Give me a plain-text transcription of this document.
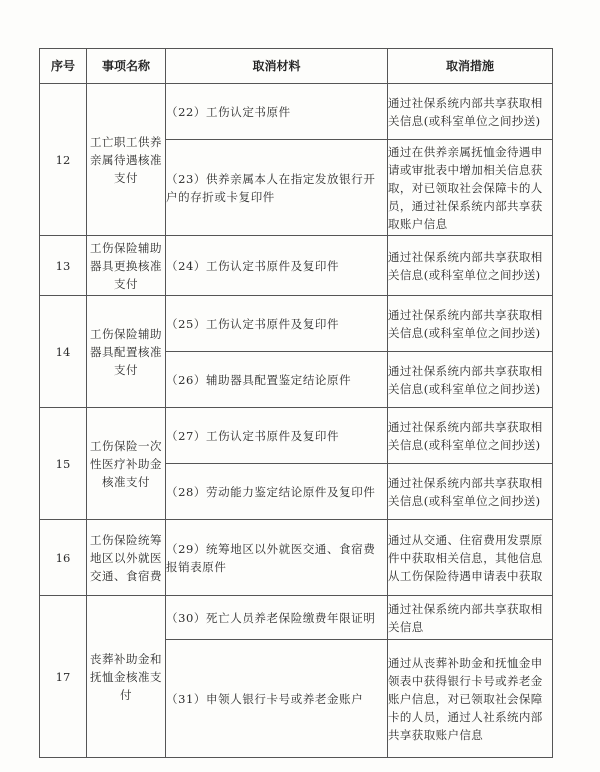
序号	事项名称	取消材料	取消措施
12	工亡职工供养亲属待遇核准支付	（22）工伤认定书原件	通过社保系统内部共享获取相关信息(或科室单位之间抄送)
		（23）供养亲属本人在指定发放银行开户的存折或卡复印件	通过在供养亲属抚恤金待遇申请或审批表中增加相关信息获取，对已领取社会保障卡的人员，通过社保系统内部共享获取账户信息
13	工伤保险辅助器具更换核准支付	（24）工伤认定书原件及复印件	通过社保系统内部共享获取相关信息(或科室单位之间抄送)
14	工伤保险辅助器具配置核准支付	（25）工伤认定书原件及复印件	通过社保系统内部共享获取相关信息(或科室单位之间抄送)
		（26）辅助器具配置鉴定结论原件	通过社保系统内部共享获取相关信息(或科室单位之间抄送)
15	工伤保险一次性医疗补助金核准支付	（27）工伤认定书原件及复印件	通过社保系统内部共享获取相关信息(或科室单位之间抄送)
		（28）劳动能力鉴定结论原件及复印件	通过社保系统内部共享获取相关信息(或科室单位之间抄送)
16	工伤保险统筹地区以外就医交通、食宿费	（29）统筹地区以外就医交通、食宿费报销表原件	通过从交通、住宿费用发票原件中获取相关信息，其他信息从工伤保险待遇申请表中获取
17	丧葬补助金和抚恤金核准支付	（30）死亡人员养老保险缴费年限证明	通过社保系统内部共享获取相关信息
		（31）申领人银行卡号或养老金账户	通过从丧葬补助金和抚恤金申领表中获得银行卡号或养老金账户信息，对已领取社会保障卡的人员，通过人社系统内部共享获取账户信息
